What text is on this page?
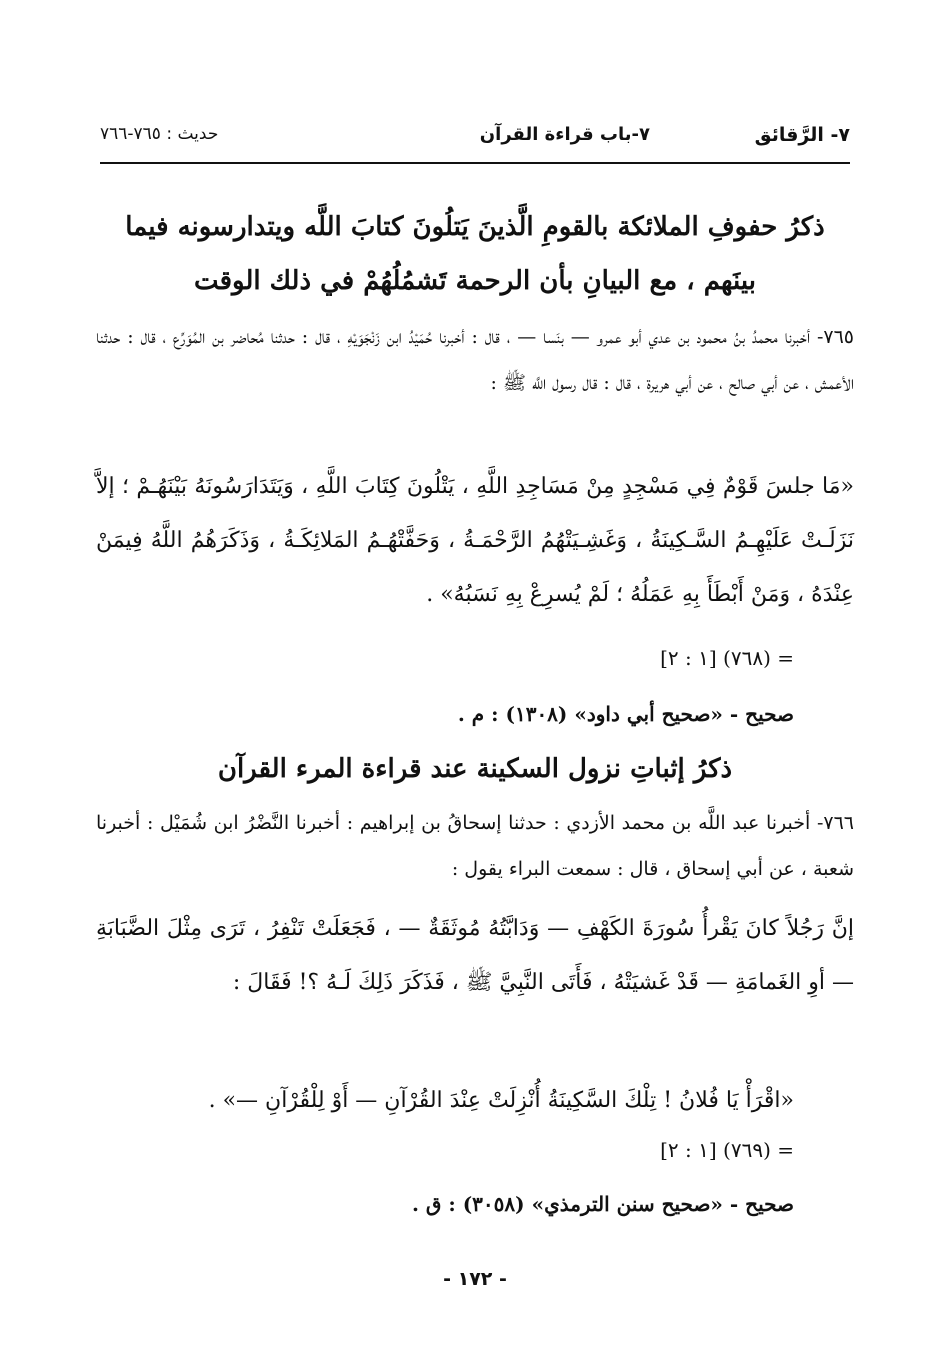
٧- الرَّقائق
٧-باب قراءة القرآن
حديث : ٧٦٥-٧٦٦
ذكرُ حفوفِ الملائكة بالقومِ الَّذينَ يَتلُونَ كتابَ اللَّه ويتدارسونه فيما بينَهم ، مع البيانِ بأن الرحمة تَشمُلُهُمْ في ذلك الوقت
٧٦٥- أخبرنا محمدُ بنُ محمود بن عدي أبو عمرو — بنَسا — ، قال : أخبرنا حُمَيْدُ ابن زَنْجَوَيْهِ ، قال : حدثنا مُحاضر بن المُوَرِّع ، قال : حدثنا الأعمش ، عن أبي صالح ، عن أبي هريرة ، قال : قال رسول اللَّه ﷺ :
«مَا جلسَ قَوْمٌ فِي مَسْجِدٍ مِنْ مَسَاجِدِ اللَّهِ ، يَتْلُونَ كِتَابَ اللَّهِ ، وَيَتَدَارَسُونَهُ بَيْنَهُـمْ ؛ إلاَّ نَزَلَـتْ عَلَيْهِـمُ السَّـكِينَةُ ، وَغَشِـيَتْهُمُ الرَّحْمَـةُ ، وَحَفَّتْهُـمُ المَلائِكَـةُ ، وَذَكَرَهُمُ اللَّهُ فِيمَنْ عِنْدَهُ ، وَمَنْ أَبْطَأَ بِهِ عَمَلُهُ ؛ لَمْ يُسرِعْ بِهِ نَسَبُهُ» .
= (٧٦٨) [١ : ٢]
صحيح - «صحيح أبي داود» (١٣٠٨) : م .
ذكرُ إثباتِ نزول السكينة عند قراءة المرء القرآن
٧٦٦- أخبرنا عبد اللَّه بن محمد الأزدي : حدثنا إسحاقُ بن إبراهيم : أخبرنا النَّضْرُ ابن شُمَيْل : أخبرنا شعبة ، عن أبي إسحاق ، قال : سمعت البراء يقول :
إنَّ رَجُلاً كانَ يَقْرأُ سُورَةَ الكَهْفِ — وَدَابَّتُهُ مُوثَقَةٌ — ، فَجَعَلَتْ تَنْفِرُ ، تَرَى مِثْلَ الضَّبَابَةِ — أوِ الغَمامَةِ — قَدْ غَشيَتْهُ ، فَأَتَى النَّبِيَّ ﷺ ، فَذَكَرَ ذَلِكَ لَـهُ ؟! فَقَالَ :
«اقْرَأْ يَا فُلانُ ! تِلْكَ السَّكِينَةُ أُنْزِلَتْ عِنْدَ القُرْآنِ — أَوْ لِلْقُرْآنِ —» .
= (٧٦٩) [١ : ٢]
صحيح - «صحيح سنن الترمذي» (٣٠٥٨) : ق .
- ١٧٢ -
